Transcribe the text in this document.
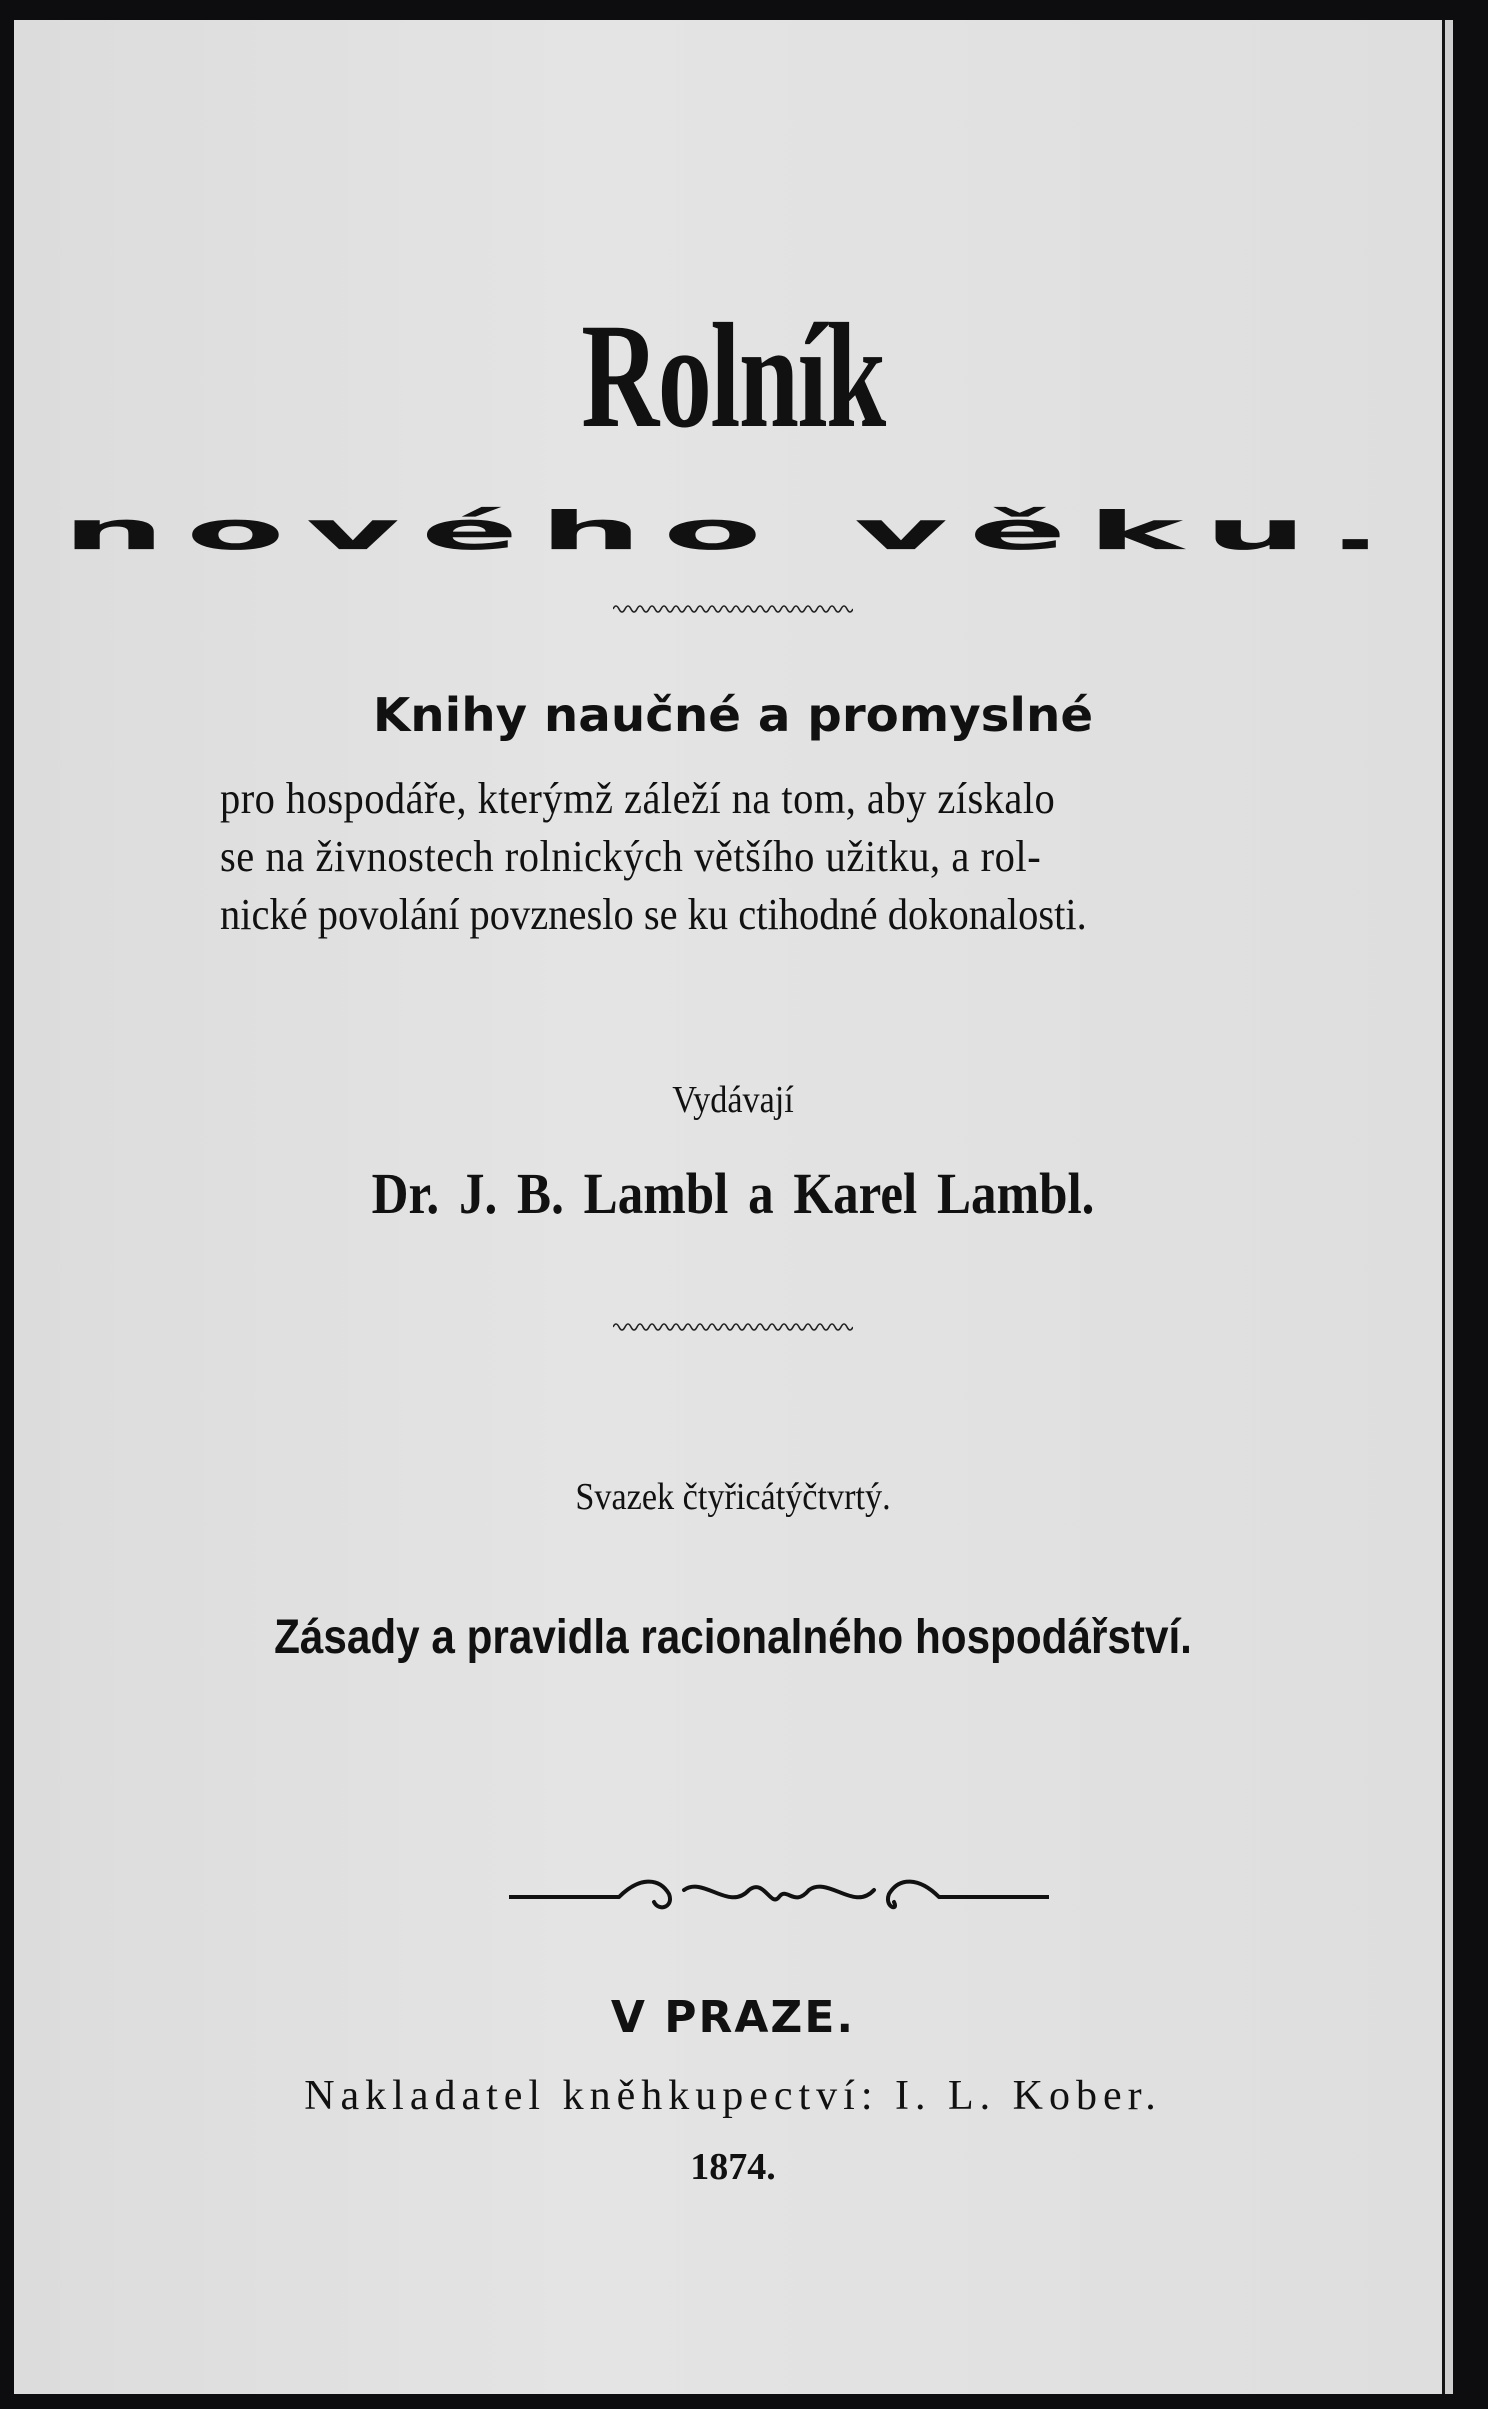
Rolník
nového věku.
Knihy naučné a promyslné
pro hospodáře, kterýmž záleží na tom, aby získalo
se na živnostech rolnických většího užitku, a rol-
nické povolání povzneslo se ku ctihodné dokonalosti.
Vydávají
Dr. J. B. Lambl a Karel Lambl.
Svazek čtyřicátýčtvrtý.
Zásady a pravidla racionalného hospodářství.
V PRAZE.
Nakladatel kněhkupectví: I. L. Kober.
1874.
